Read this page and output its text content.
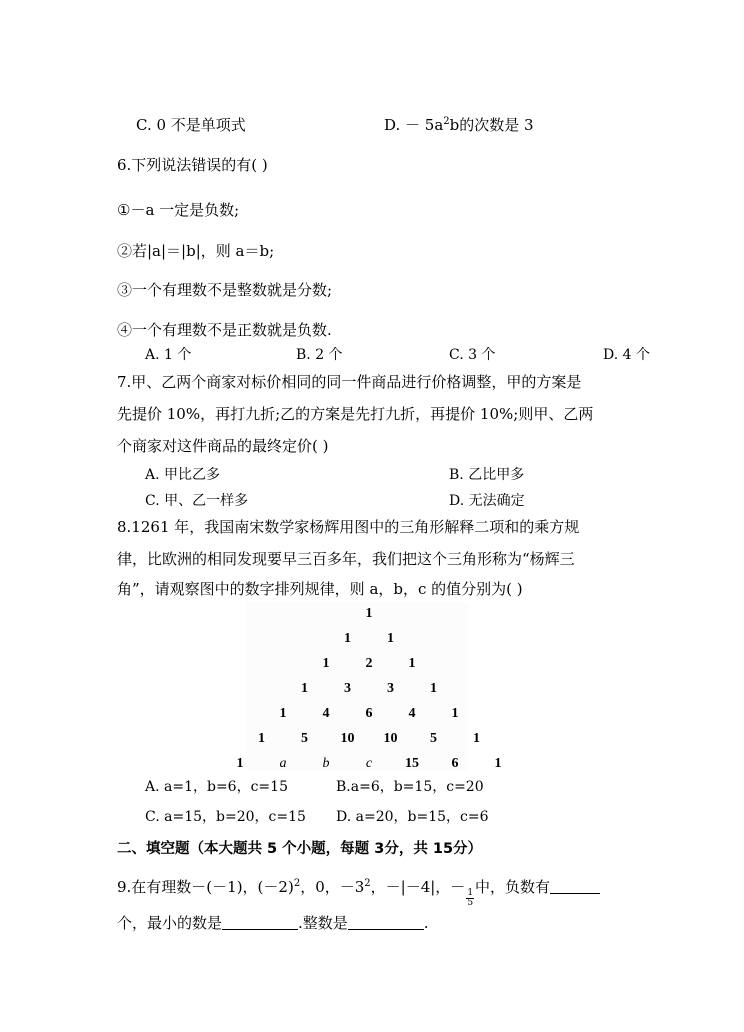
C. 0 不是单项式	D. － $5a^2b$的次数是 3
6.下列说法错误的有( )
①－a 一定是负数;
②若|a|＝|b|，则 a＝b;
③一个有理数不是整数就是分数;
④一个有理数不是正数就是负数.
A. 1 个	B. 2 个	C. 3 个	D. 4 个
7.甲、乙两个商家对标价相同的同一件商品进行价格调整，甲的方案是
先提价 10%，再打九折;乙的方案是先打九折，再提价 10%;则甲、乙两
个商家对这件商品的最终定价( )
A. 甲比乙多	B. 乙比甲多
C. 甲、乙一样多	D. 无法确定
8.1261 年，我国南宋数学家杨辉用图中的三角形解释二项和的乘方规
律，比欧洲的相同发现要早三百多年，我们把这个三角形称为“杨辉三
角”，请观察图中的数字排列规律，则 a，b，c 的值分别为( )
1
1	1
1	2	1
1	3	3	1
1	4	6	4	1
1	5 10 10 5	1
1	a	b	c 15 6	1
A. a=1，b=6，c=15	B.a=6，b=15，c=20
C. a=15，b=20，c=15 D. a=20，b=15，c=6
二、填空题（本大题共 5 个小题，每题 3分，共 15分）
9.在有理数－(－1)，$(-2)^2$，0，$-3^2$，－|－4|，－
$\frac{1}{5}$
中，负数有
个，最小的数是	.整数是	.
